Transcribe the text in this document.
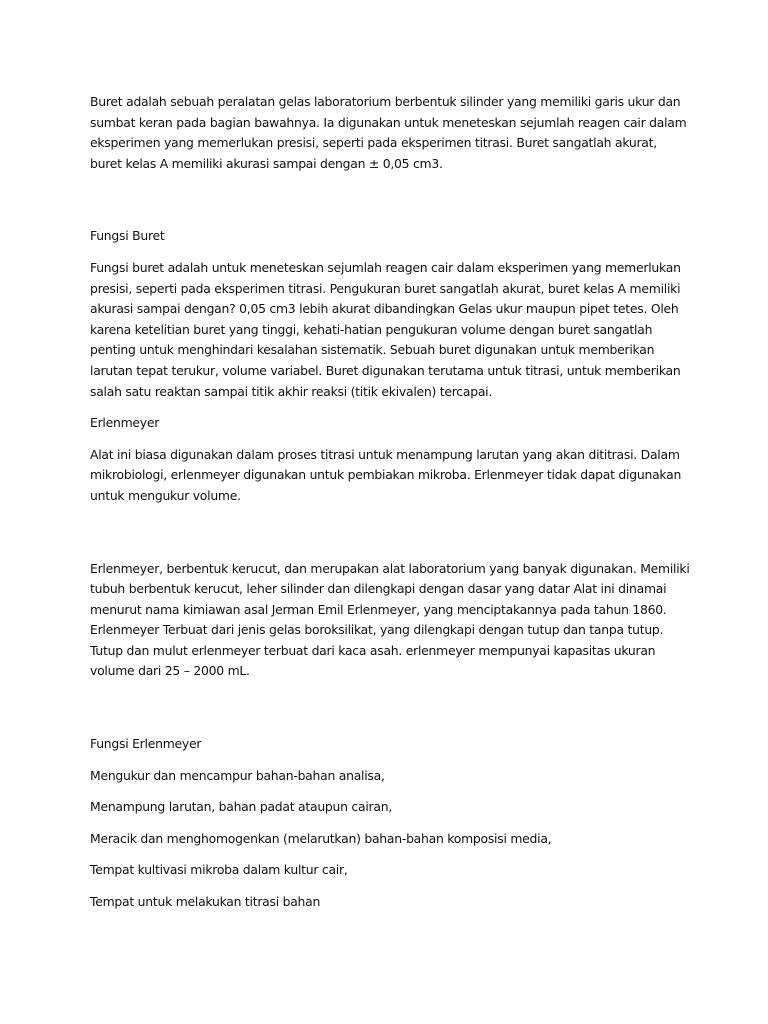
Buret adalah sebuah peralatan gelas laboratorium berbentuk silinder yang memiliki garis ukur dan sumbat keran pada bagian bawahnya. Ia digunakan untuk meneteskan sejumlah reagen cair dalam eksperimen yang memerlukan presisi, seperti pada eksperimen titrasi. Buret sangatlah akurat, buret kelas A memiliki akurasi sampai dengan ± 0,05 cm3.

Fungsi Buret

Fungsi buret adalah untuk meneteskan sejumlah reagen cair dalam eksperimen yang memerlukan presisi, seperti pada eksperimen titrasi. Pengukuran buret sangatlah akurat, buret kelas A memiliki akurasi sampai dengan? 0,05 cm3 lebih akurat dibandingkan Gelas ukur maupun pipet tetes. Oleh karena ketelitian buret yang tinggi, kehati-hatian pengukuran volume dengan buret sangatlah penting untuk menghindari kesalahan sistematik. Sebuah buret digunakan untuk memberikan larutan tepat terukur, volume variabel. Buret digunakan terutama untuk titrasi, untuk memberikan salah satu reaktan sampai titik akhir reaksi (titik ekivalen) tercapai.

Erlenmeyer

Alat ini biasa digunakan dalam proses titrasi untuk menampung larutan yang akan dititrasi. Dalam mikrobiologi, erlenmeyer digunakan untuk pembiakan mikroba. Erlenmeyer tidak dapat digunakan untuk mengukur volume.

Erlenmeyer, berbentuk kerucut, dan merupakan alat laboratorium yang banyak digunakan. Memiliki tubuh berbentuk kerucut, leher silinder dan dilengkapi dengan dasar yang datar Alat ini dinamai menurut nama kimiawan asal Jerman Emil Erlenmeyer, yang menciptakannya pada tahun 1860. Erlenmeyer Terbuat dari jenis gelas boroksilikat, yang dilengkapi dengan tutup dan tanpa tutup. Tutup dan mulut erlenmeyer terbuat dari kaca asah. erlenmeyer mempunyai kapasitas ukuran volume dari 25 – 2000 mL.

Fungsi Erlenmeyer

Mengukur dan mencampur bahan-bahan analisa,

Menampung larutan, bahan padat ataupun cairan,

Meracik dan menghomogenkan (melarutkan) bahan-bahan komposisi media,

Tempat kultivasi mikroba dalam kultur cair,

Tempat untuk melakukan titrasi bahan
